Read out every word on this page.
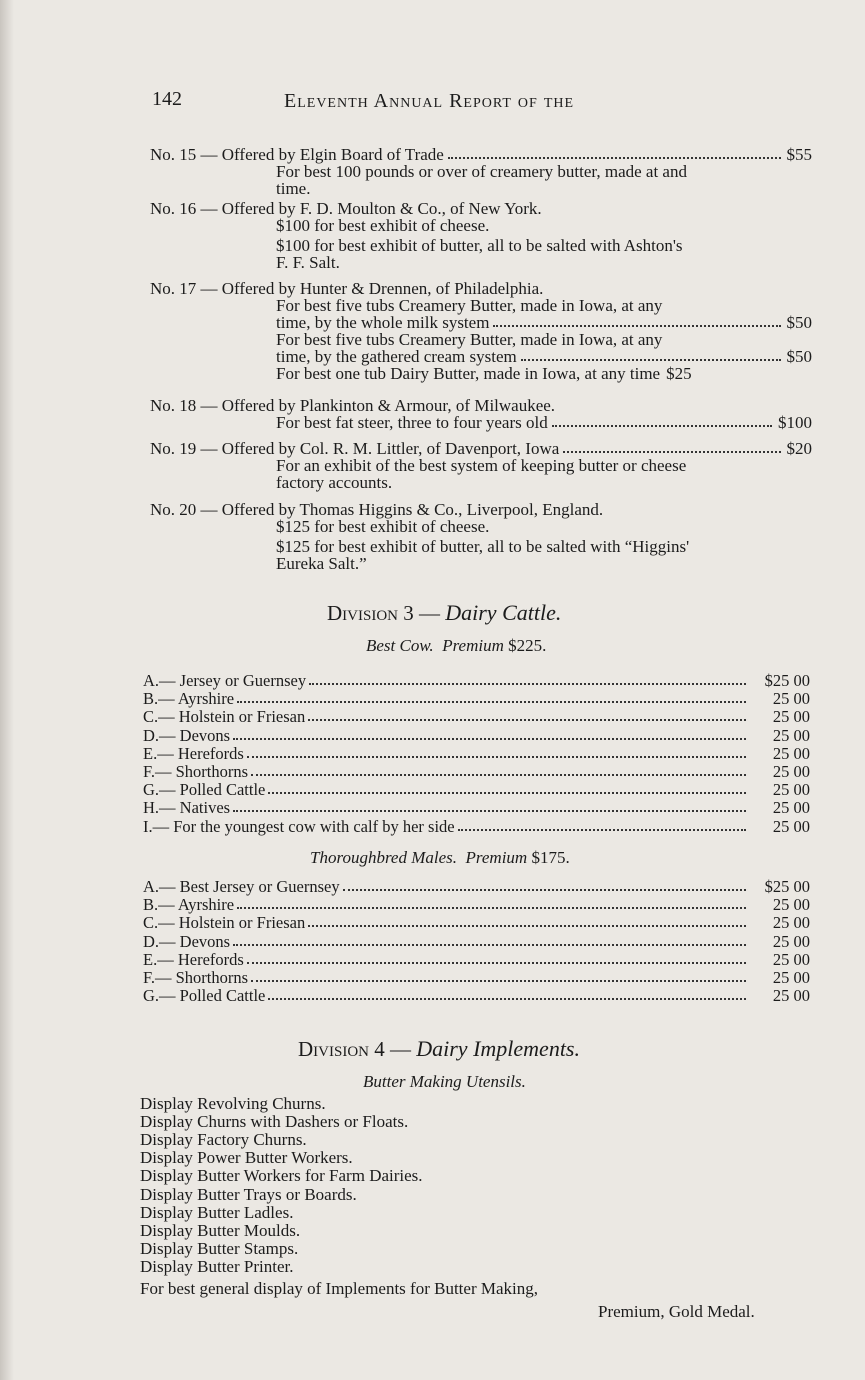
142	Eleventh Annual Report of the
No. 15 — Offered by Elgin Board of Trade	$55
For best 100 pounds or over of creamery butter, made at and
time.
No. 16 — Offered by F. D. Moulton & Co., of New York.
$100 for best exhibit of cheese.
$100 for best exhibit of butter, all to be salted with Ashton's
F. F. Salt.
No. 17 — Offered by Hunter & Drennen, of Philadelphia.
For best five tubs Creamery Butter, made in Iowa, at any
time, by the whole milk system	$50
For best five tubs Creamery Butter, made in Iowa, at any
time, by the gathered cream system	$50
For best one tub Dairy Butter, made in Iowa, at any time $25
No. 18 — Offered by Plankinton & Armour, of Milwaukee.
For best fat steer, three to four years old	$100
No. 19 — Offered by Col. R. M. Littler, of Davenport, Iowa	$20
For an exhibit of the best system of keeping butter or cheese
factory accounts.
No. 20 — Offered by Thomas Higgins & Co., Liverpool, England.
$125 for best exhibit of cheese.
$125 for best exhibit of butter, all to be salted with “Higgins'
Eureka Salt.”
Division 3 — Dairy Cattle.
Best Cow. Premium $225.
A.— Jersey or Guernsey	$25 00
B.— Ayrshire	25 00
C.— Holstein or Friesan	25 00
D.— Devons	25 00
E.— Herefords	25 00
F.— Shorthorns	25 00
G.— Polled Cattle	25 00
H.— Natives	25 00
I.— For the youngest cow with calf by her side	25 00
Thoroughbred Males. Premium $175.
A.— Best Jersey or Guernsey	$25 00
B.— Ayrshire	25 00
C.— Holstein or Friesan	25 00
D.— Devons	25 00
E.— Herefords	25 00
F.— Shorthorns	25 00
G.— Polled Cattle	25 00
Division 4 — Dairy Implements.
Butter Making Utensils.
Display Revolving Churns.
Display Churns with Dashers or Floats.
Display Factory Churns.
Display Power Butter Workers.
Display Butter Workers for Farm Dairies.
Display Butter Trays or Boards.
Display Butter Ladles.
Display Butter Moulds.
Display Butter Stamps.
Display Butter Printer.
For best general display of Implements for Butter Making,
Premium, Gold Medal.
